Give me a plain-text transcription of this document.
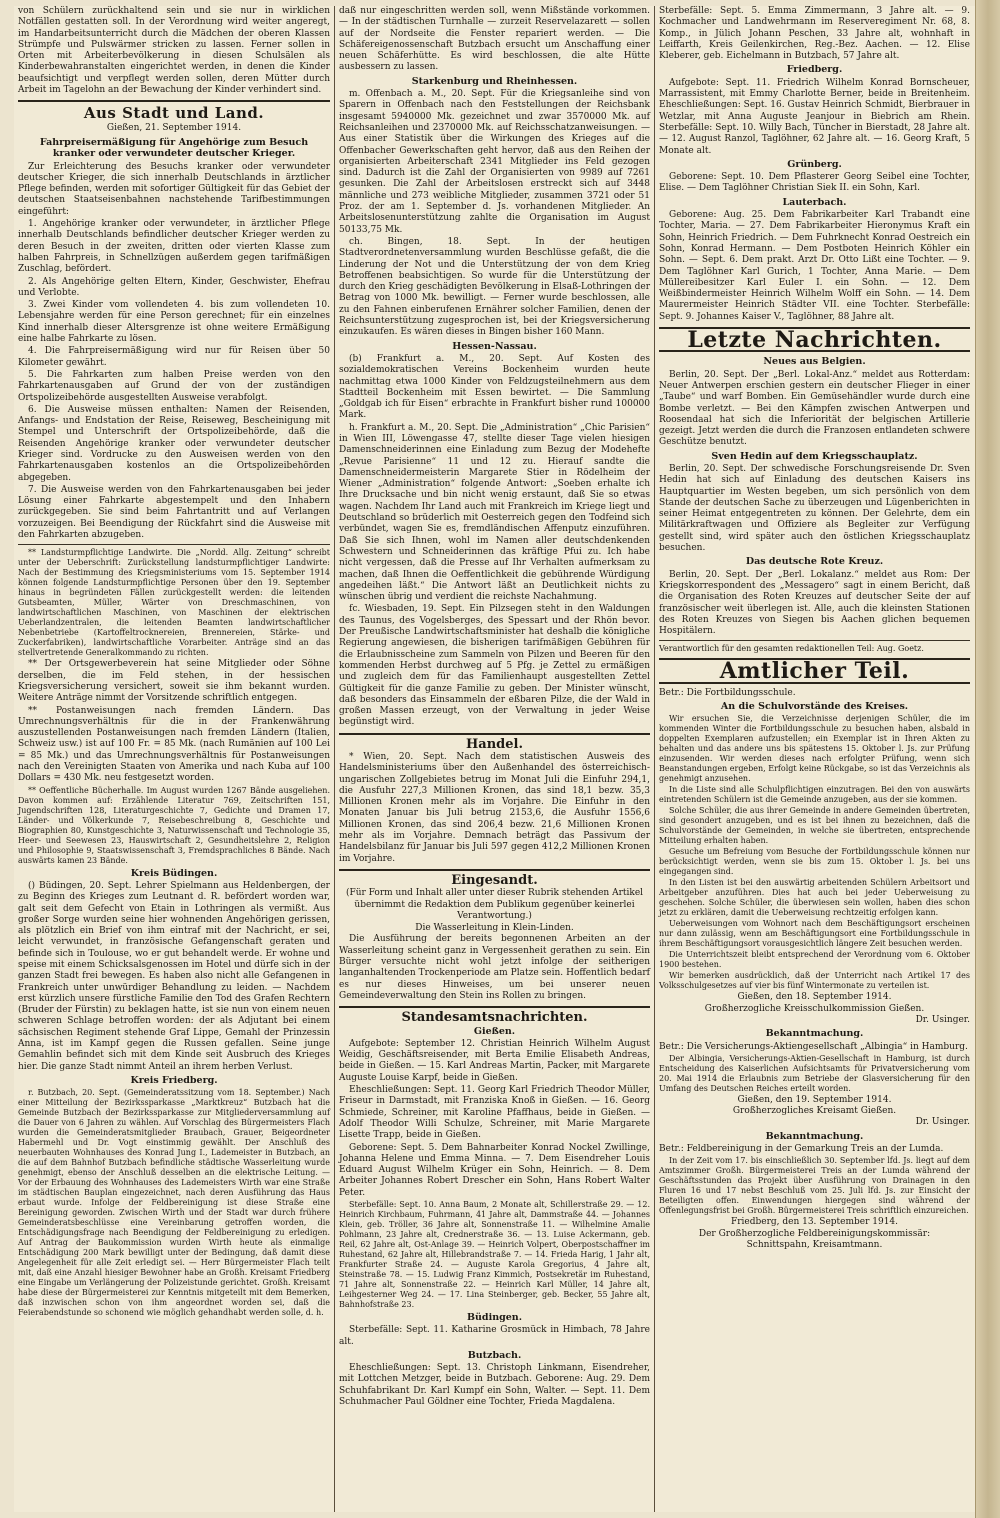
von Schülern zurückhaltend sein und sie nur in wirklichen Notfällen gestatten soll. In der Verordnung wird weiter angeregt, im Handarbeitsunterricht durch die Mädchen der oberen Klassen Strümpfe und Pulswärmer stricken zu lassen. Ferner sollen in Orten mit Arbeiterbevölkerung in diesen Schulsälen als Kinderbewahranstalten eingerichtet werden, in denen die Kinder beaufsichtigt und verpflegt werden sollen, deren Mütter durch Arbeit im Tagelohn an der Bewachung der Kinder verhindert sind.

Aus Stadt und Land.
Gießen, 21. September 1914.
Fahrpreisermäßigung für Angehörige zum Besuch kranker oder verwundeter deutscher Krieger.

Zur Erleichterung des Besuchs kranker oder verwundeter deutscher Krieger, die sich innerhalb Deutschlands in ärztlicher Pflege befinden, werden mit sofortiger Gültigkeit für das Gebiet der deutschen Staatseisenbahnen nachstehende Tarifbestimmungen eingeführt:

1. Angehörige kranker oder verwundeter, in ärztlicher Pflege innerhalb Deutschlands befindlicher deutscher Krieger werden zu deren Besuch in der zweiten, dritten oder vierten Klasse zum halben Fahrpreis, in Schnellzügen außerdem gegen tarifmäßigen Zuschlag, befördert.

2. Als Angehörige gelten Eltern, Kinder, Geschwister, Ehefrau und Verlobte.

3. Zwei Kinder vom vollendeten 4. bis zum vollendeten 10. Lebensjahre werden für eine Person gerechnet; für ein einzelnes Kind innerhalb dieser Altersgrenze ist ohne weitere Ermäßigung eine halbe Fahrkarte zu lösen.

4. Die Fahrpreisermäßigung wird nur für Reisen über 50 Kilometer gewährt.

5. Die Fahrkarten zum halben Preise werden von den Fahrkartenausgaben auf Grund der von der zuständigen Ortspolizeibehörde ausgestellten Ausweise verabfolgt.

6. Die Ausweise müssen enthalten: Namen der Reisenden, Anfangs- und Endstation der Reise, Reiseweg, Bescheinigung mit Stempel und Unterschrift der Ortspolizeibehörde, daß die Reisenden Angehörige kranker oder verwundeter deutscher Krieger sind. Vordrucke zu den Ausweisen werden von den Fahrkartenausgaben kostenlos an die Ortspolizeibehörden abgegeben.

7. Die Ausweise werden von den Fahrkartenausgaben bei jeder Lösung einer Fahrkarte abgestempelt und den Inhabern zurückgegeben. Sie sind beim Fahrtantritt und auf Verlangen vorzuzeigen. Bei Beendigung der Rückfahrt sind die Ausweise mit den Fahrkarten abzugeben.

** Landsturmpflichtige Landwirte. Die „Nordd. Allg. Zeitung“ schreibt unter der Ueberschrift: Zurückstellung landsturmpflichtiger Landwirte: Nach der Bestimmung des Kriegsministeriums vom 15. September 1914 können folgende Landsturmpflichtige Personen über den 19. September hinaus in begründeten Fällen zurückgestellt werden: die leitenden Gutsbeamten, Müller, Wärter von Dreschmaschinen, von landwirtschaftlichen Maschinen, von Maschinen der elektrischen Ueberlandzentralen, die leitenden Beamten landwirtschaftlicher Nebenbetriebe (Kartoffeltrocknereien, Brennereien, Stärke- und Zuckerfabriken), landwirtschaftliche Vorarbeiter. Anträge sind an das stellvertretende Generalkommando zu richten.

** Der Ortsgewerbeverein hat seine Mitglieder oder Söhne derselben, die im Feld stehen, in der hessischen Kriegsversicherung versichert, soweit sie ihm bekannt wurden. Weitere Anträge nimmt der Vorsitzende schriftlich entgegen.

** Postanweisungen nach fremden Ländern. Das Umrechnungsverhältnis für die in der Frankenwährung auszustellenden Postanweisungen nach fremden Ländern (Italien, Schweiz usw.) ist auf 100 Fr. = 85 Mk. (nach Rumänien auf 100 Lei = 85 Mk.) und das Umrechnungsverhältnis für Postanweisungen nach den Vereinigten Staaten von Amerika und nach Kuba auf 100 Dollars = 430 Mk. neu festgesetzt worden.

** Oeffentliche Bücherhalle. Im August wurden 1267 Bände ausgeliehen. Davon kommen auf: Erzählende Literatur 769, Zeitschriften 151, Jugendschriften 128, Literaturgeschichte 7, Gedichte und Dramen 17, Länder- und Völkerkunde 7, Reisebeschreibung 8, Geschichte und Biographien 80, Kunstgeschichte 3, Naturwissenschaft und Technologie 35, Heer- und Seewesen 23, Hauswirtschaft 2, Gesundheitslehre 2, Religion und Philosophie 9, Staatswissenschaft 3, Fremdsprachliches 8 Bände. Nach auswärts kamen 23 Bände.

Kreis Büdingen.

() Büdingen, 20. Sept. Lehrer Spielmann aus Heldenbergen, der zu Beginn des Krieges zum Leutnant d. R. befördert worden war, galt seit dem Gefecht von Etain in Lothringen als vermißt. Aus großer Sorge wurden seine hier wohnenden Angehörigen gerissen, als plötzlich ein Brief von ihm eintraf mit der Nachricht, er sei, leicht verwundet, in französische Gefangenschaft geraten und befinde sich in Toulouse, wo er gut behandelt werde. Er wohne und speise mit einem Schicksalsgenossen im Hotel und dürfe sich in der ganzen Stadt frei bewegen. Es haben also nicht alle Gefangenen in Frankreich unter unwürdiger Behandlung zu leiden. — Nachdem erst kürzlich unsere fürstliche Familie den Tod des Grafen Rechtern (Bruder der Fürstin) zu beklagen hatte, ist sie nun von einem neuen schweren Schlage betroffen worden: der als Adjutant bei einem sächsischen Regiment stehende Graf Lippe, Gemahl der Prinzessin Anna, ist im Kampf gegen die Russen gefallen. Seine junge Gemahlin befindet sich mit dem Kinde seit Ausbruch des Krieges hier. Die ganze Stadt nimmt Anteil an ihrem herben Verlust.

Kreis Friedberg.

r. Butzbach, 20. Sept. (Gemeinderatssitzung vom 18. September.) Nach einer Mitteilung der Bezirkssparkasse „Marktkreuz“ Butzbach hat die Gemeinde Butzbach der Bezirkssparkasse zur Mitgliederversammlung auf die Dauer von 6 Jahren zu wählen. Auf Vorschlag des Bürgermeisters Flach wurden die Gemeinderatsmitglieder Braubach, Grauer, Beigeordneter Habermehl und Dr. Vogt einstimmig gewählt. Der Anschluß des neuerbauten Wohnhauses des Konrad Jung I., Lademeister in Butzbach, an die auf dem Bahnhof Butzbach befindliche städtische Wasserleitung wurde genehmigt, ebenso der Anschluß desselben an die elektrische Leitung. — Vor der Erbauung des Wohnhauses des Lademeisters Wirth war eine Straße im städtischen Bauplan eingezeichnet, nach deren Ausführung das Haus erbaut wurde. Infolge der Feldbereinigung ist diese Straße eine Bereinigung geworden. Zwischen Wirth und der Stadt war durch frühere Gemeinderatsbeschlüsse eine Vereinbarung getroffen worden, die Entschädigungsfrage nach Beendigung der Feldbereinigung zu erledigen. Auf Antrag der Baukommission wurden Wirth heute als einmalige Entschädigung 200 Mark bewilligt unter der Bedingung, daß damit diese Angelegenheit für alle Zeit erledigt sei. — Herr Bürgermeister Flach teilt mit, daß eine Anzahl hiesiger Bewohner habe an Großh. Kreisamt Friedberg eine Eingabe um Verlängerung der Polizeistunde gerichtet. Großh. Kreisamt habe diese der Bürgermeisterei zur Kenntnis mitgeteilt mit dem Bemerken, daß inzwischen schon von ihm angeordnet worden sei, daß die Feierabendstunde so schonend wie möglich gehandhabt werden solle, d. h.

daß nur eingeschritten werden soll, wenn Mißstände vorkommen. — In der städtischen Turnhalle — zurzeit Reservelazarett — sollen auf der Nordseite die Fenster repariert werden. — Die Schäfereigenossenschaft Butzbach ersucht um Anschaffung einer neuen Schäferhütte. Es wird beschlossen, die alte Hütte ausbessern zu lassen.

Starkenburg und Rheinhessen.

m. Offenbach a. M., 20. Sept. Für die Kriegsanleihe sind von Sparern in Offenbach nach den Feststellungen der Reichsbank insgesamt 5940000 Mk. gezeichnet und zwar 3570000 Mk. auf Reichsanleihen und 2370000 Mk. auf Reichsschatzanweisungen. — Aus einer Statistik über die Wirkungen des Krieges auf die Offenbacher Gewerkschaften geht hervor, daß aus den Reihen der organisierten Arbeiterschaft 2341 Mitglieder ins Feld gezogen sind. Dadurch ist die Zahl der Organisierten von 9989 auf 7261 gesunken. Die Zahl der Arbeitslosen erstreckt sich auf 3448 männliche und 273 weibliche Mitglieder, zusammen 3721 oder 51 Proz. der am 1. September d. Js. vorhandenen Mitglieder. An Arbeitslosenunterstützung zahlte die Organisation im August 50133,75 Mk.

ch. Bingen, 18. Sept. In der heutigen Stadtverordnetenversammlung wurden Beschlüsse gefaßt, die die Linderung der Not und die Unterstützung der von dem Krieg Betroffenen beabsichtigen. So wurde für die Unterstützung der durch den Krieg geschädigten Bevölkerung in Elsaß-Lothringen der Betrag von 1000 Mk. bewilligt. — Ferner wurde beschlossen, alle zu den Fahnen einberufenen Ernährer solcher Familien, denen der Reichsunterstützung zugesprochen ist, bei der Kriegsversicherung einzukaufen. Es wären dieses in Bingen bisher 160 Mann.

Hessen-Nassau.

(b) Frankfurt a. M., 20. Sept. Auf Kosten des sozialdemokratischen Vereins Bockenheim wurden heute nachmittag etwa 1000 Kinder von Feldzugsteilnehmern aus dem Stadtteil Bockenheim mit Essen bewirtet. — Die Sammlung „Goldgab ich für Eisen“ erbrachte in Frankfurt bisher rund 100000 Mark.

h. Frankfurt a. M., 20. Sept. Die „Administration“ „Chic Parisien“ in Wien III, Löwengasse 47, stellte dieser Tage vielen hiesigen Damenschneiderinnen eine Einladung zum Bezug der Modehefte „Revue Parisienne“ 11 und 12 zu. Hierauf sandte die Damenschneidermeisterin Margarete Stier in Rödelheim der Wiener „Administration“ folgende Antwort: „Soeben erhalte ich Ihre Drucksache und bin nicht wenig erstaunt, daß Sie so etwas wagen. Nachdem Ihr Land auch mit Frankreich im Kriege liegt und Deutschland so brüderlich mit Oesterreich gegen den Todfeind sich verbündet, wagen Sie es, fremdländischen Affenputz einzuführen. Daß Sie sich Ihnen, wohl im Namen aller deutschdenkenden Schwestern und Schneiderinnen das kräftige Pfui zu. Ich habe nicht vergessen, daß die Presse auf Ihr Verhalten aufmerksam zu machen, daß Ihnen die Oeffentlichkeit die gebührende Würdigung angedeihen läßt.“ Die Antwort läßt an Deutlichkeit nichts zu wünschen übrig und verdient die reichste Nachahmung.

fc. Wiesbaden, 19. Sept. Ein Pilzsegen steht in den Waldungen des Taunus, des Vogelsberges, des Spessart und der Rhön bevor. Der Preußische Landwirtschaftsminister hat deshalb die königliche Regierung angewiesen, die bisherigen tarifmäßigen Gebühren für die Erlaubnisscheine zum Sammeln von Pilzen und Beeren für den kommenden Herbst durchweg auf 5 Pfg. je Zettel zu ermäßigen und zugleich dem für das Familienhaupt ausgestellten Zettel Gültigkeit für die ganze Familie zu geben. Der Minister wünscht, daß besonders das Einsammeln der eßbaren Pilze, die der Wald in großen Massen erzeugt, von der Verwaltung in jeder Weise begünstigt wird.

Handel.

* Wien, 20. Sept. Nach dem statistischen Ausweis des Handelsministeriums über den Außenhandel des österreichisch-ungarischen Zollgebietes betrug im Monat Juli die Einfuhr 294,1, die Ausfuhr 227,3 Millionen Kronen, das sind 18,1 bezw. 35,3 Millionen Kronen mehr als im Vorjahre. Die Einfuhr in den Monaten Januar bis Juli betrug 2153,6, die Ausfuhr 1556,6 Millionen Kronen, das sind 206,4 bezw. 21,6 Millionen Kronen mehr als im Vorjahre. Demnach beträgt das Passivum der Handelsbilanz für Januar bis Juli 597 gegen 412,2 Millionen Kronen im Vorjahre.

Eingesandt.

(Für Form und Inhalt aller unter dieser Rubrik stehenden Artikel übernimmt die Redaktion dem Publikum gegenüber keinerlei Verantwortung.)

Die Wasserleitung in Klein-Linden.

Die Ausführung der bereits begonnenen Arbeiten an der Wasserleitung scheint ganz in Vergessenheit gerathen zu sein. Ein Bürger versuchte nicht wohl jetzt infolge der seitherigen langanhaltenden Trockenperiode am Platze sein. Hoffentlich bedarf es nur dieses Hinweises, um bei unserer neuen Gemeindeverwaltung den Stein ins Rollen zu bringen.

Standesamtsnachrichten.
Gießen.

Aufgebote: September 12. Christian Heinrich Wilhelm August Weidig, Geschäftsreisender, mit Berta Emilie Elisabeth Andreas, beide in Gießen. — 15. Karl Andreas Martin, Packer, mit Margarete Auguste Louise Karpf, beide in Gießen.

Eheschließungen: Sept. 11. Georg Karl Friedrich Theodor Müller, Friseur in Darmstadt, mit Franziska Knoß in Gießen. — 16. Georg Schmiede, Schreiner, mit Karoline Pfaffhaus, beide in Gießen. — Adolf Theodor Willi Schulze, Schreiner, mit Marie Margarete Lisette Trapp, beide in Gießen.

Geborene: Sept. 5. Dem Bahnarbeiter Konrad Nockel Zwillinge, Johanna Helene und Emma Minna. — 7. Dem Eisendreher Louis Eduard August Wilhelm Krüger ein Sohn, Heinrich. — 8. Dem Arbeiter Johannes Robert Drescher ein Sohn, Hans Robert Walter Peter.

Sterbefälle: Sept. 10. Anna Baum, 2 Monate alt, Schillerstraße 29. — 12. Heinrich Kirchbaum, Fuhrmann, 41 Jahre alt, Dammstraße 44. — Johannes Klein, geb. Tröller, 36 Jahre alt, Sonnenstraße 11. — Wilhelmine Amalie Pohlmann, 23 Jahre alt, Crednerstraße 36. — 13. Luise Ackermann, geb. Reil, 62 Jahre alt, Ost-Anlage 39. — Heinrich Volpert, Oberpostschaffner im Ruhestand, 62 Jahre alt, Hillebrandstraße 7. — 14. Frieda Harig, 1 Jahr alt, Frankfurter Straße 24. — Auguste Karola Gregorius, 4 Jahre alt, Steinstraße 78. — 15. Ludwig Franz Kimmich, Postsekretär im Ruhestand, 71 Jahre alt, Sonnenstraße 22. — Heinrich Karl Müller, 14 Jahre alt, Leihgesterner Weg 24. — 17. Lina Steinberger, geb. Becker, 55 Jahre alt, Bahnhofstraße 23.

Büdingen.

Sterbefälle: Sept. 11. Katharine Grosmück in Himbach, 78 Jahre alt.

Butzbach.

Eheschließungen: Sept. 13. Christoph Linkmann, Eisendreher, mit Lottchen Metzger, beide in Butzbach. Geborene: Aug. 29. Dem Schuhfabrikant Dr. Karl Kumpf ein Sohn, Walter. — Sept. 11. Dem Schuhmacher Paul Göldner eine Tochter, Frieda Magdalena.

Sterbefälle: Sept. 5. Emma Zimmermann, 3 Jahre alt. — 9. Kochmacher und Landwehrmann im Reserveregiment Nr. 68, 8. Komp., in Jülich Johann Peschen, 33 Jahre alt, wohnhaft in Leiffarth, Kreis Geilenkirchen, Reg.-Bez. Aachen. — 12. Elise Kleberer, geb. Eichelmann in Butzbach, 57 Jahre alt.

Friedberg.

Aufgebote: Sept. 11. Friedrich Wilhelm Konrad Bornscheuer, Marrassistent, mit Emmy Charlotte Berner, beide in Breitenheim. Eheschließungen: Sept. 16. Gustav Heinrich Schmidt, Bierbrauer in Wetzlar, mit Anna Auguste Jeanjour in Biebrich am Rhein. Sterbefälle: Sept. 10. Willy Bach, Tüncher in Bierstadt, 28 Jahre alt. — 12. August Ranzol, Taglöhner, 62 Jahre alt. — 16. Georg Kraft, 5 Monate alt.

Grünberg.

Geborene: Sept. 10. Dem Pflasterer Georg Seibel eine Tochter, Elise. — Dem Taglöhner Christian Siek II. ein Sohn, Karl.

Lauterbach.

Geborene: Aug. 25. Dem Fabrikarbeiter Karl Trabandt eine Tochter, Maria. — 27. Dem Fabrikarbeiter Hieronymus Kraft ein Sohn, Heinrich Friedrich. — Dem Fuhrknecht Konrad Oestreich ein Sohn, Konrad Hermann. — Dem Postboten Heinrich Köhler ein Sohn. — Sept. 6. Dem prakt. Arzt Dr. Otto Lißt eine Tochter. — 9. Dem Taglöhner Karl Gurich, 1 Tochter, Anna Marie. — Dem Müllereibesitzer Karl Euler I. ein Sohn. — 12. Dem Weißbindermeister Heinrich Wilhelm Wolff ein Sohn. — 14. Dem Maurermeister Heinrich Städter VII. eine Tochter. Sterbefälle: Sept. 9. Johannes Kaiser V., Taglöhner, 88 Jahre alt.

Letzte Nachrichten.
Neues aus Belgien.

Berlin, 20. Sept. Der „Berl. Lokal-Anz.“ meldet aus Rotterdam: Neuer Antwerpen erschien gestern ein deutscher Flieger in einer „Taube“ und warf Bomben. Ein Gemüsehändler wurde durch eine Bombe verletzt. — Bei den Kämpfen zwischen Antwerpen und Roosendaal hat sich die Inferiorität der belgischen Artillerie gezeigt. Jetzt werden die durch die Franzosen entlandeten schwere Geschütze benutzt.

Sven Hedin auf dem Kriegsschauplatz.

Berlin, 20. Sept. Der schwedische Forschungsreisende Dr. Sven Hedin hat sich auf Einladung des deutschen Kaisers ins Hauptquartier im Westen begeben, um sich persönlich von dem Stande der deutschen Sache zu überzeugen und Lügenberichten in seiner Heimat entgegentreten zu können. Der Gelehrte, dem ein Militärkraftwagen und Offiziere als Begleiter zur Verfügung gestellt sind, wird später auch den östlichen Kriegsschauplatz besuchen.

Das deutsche Rote Kreuz.

Berlin, 20. Sept. Der „Berl. Lokalanz.“ meldet aus Rom: Der Kriegskorrespondent des „Messagero“ sagt in einem Bericht, daß die Organisation des Roten Kreuzes auf deutscher Seite der auf französischer weit überlegen ist. Alle, auch die kleinsten Stationen des Roten Kreuzes von Siegen bis Aachen glichen bequemen Hospitälern.

Verantwortlich für den gesamten redaktionellen Teil: Aug. Goetz.

Amtlicher Teil.

Betr.: Die Fortbildungsschule.

An die Schulvorstände des Kreises.

Wir ersuchen Sie, die Verzeichnisse derjenigen Schüler, die im kommenden Winter die Fortbildungsschule zu besuchen haben, alsbald in doppelten Exemplaren aufzustellen; ein Exemplar ist in Ihren Akten zu behalten und das andere uns bis spätestens 15. Oktober l. Js. zur Prüfung einzusenden. Wir werden dieses nach erfolgter Prüfung, wenn sich Beanstandungen ergeben, Erfolgt keine Rückgabe, so ist das Verzeichnis als genehmigt anzusehen.

In die Liste sind alle Schulpflichtigen einzutragen. Bei den von auswärts eintretenden Schülern ist die Gemeinde anzugeben, aus der sie kommen.

Solche Schüler, die aus ihrer Gemeinde in andere Gemeinden übertreten, sind gesondert anzugeben, und es ist bei ihnen zu bezeichnen, daß die Schulvorstände der Gemeinden, in welche sie übertreten, entsprechende Mitteilung erhalten haben.

Gesuche um Befreiung vom Besuche der Fortbildungsschule können nur berücksichtigt werden, wenn sie bis zum 15. Oktober l. Js. bei uns eingegangen sind.

In den Listen ist bei den auswärtig arbeitenden Schülern Arbeitsort und Arbeitgeber anzuführen. Dies hat auch bei jeder Ueberweisung zu geschehen. Solche Schüler, die überwiesen sein wollen, haben dies schon jetzt zu erklären, damit die Ueberweisung rechtzeitig erfolgen kann.

Ueberweisungen vom Wohnort nach dem Beschäftigungsort erscheinen nur dann zulässig, wenn am Beschäftigungsort eine Fortbildungsschule in ihrem Beschäftigungsort vorausgesichtlich längere Zeit besuchen werden.

Die Unterrichtszeit bleibt entsprechend der Verordnung vom 6. Oktober 1900 bestehen.

Wir bemerken ausdrücklich, daß der Unterricht nach Artikel 17 des Volksschulgesetzes auf vier bis fünf Wintermonate zu verteilen ist.

Gießen, den 18. September 1914.
Großherzogliche Kreisschulkommission Gießen.
Dr. Usinger.
Bekanntmachung.

Betr.: Die Versicherungs-Aktiengesellschaft „Albingia“ in Hamburg.

Der Albingia, Versicherungs-Aktien-Gesellschaft in Hamburg, ist durch Entscheidung des Kaiserlichen Aufsichtsamts für Privatversicherung vom 20. Mai 1914 die Erlaubnis zum Betriebe der Glasversicherung für den Umfang des Deutschen Reiches erteilt worden.

Gießen, den 19. September 1914.
Großherzogliches Kreisamt Gießen.
Dr. Usinger.
Bekanntmachung.

Betr.: Feldbereinigung in der Gemarkung Treis an der Lumda.

In der Zeit vom 17. bis einschließlich 30. September lfd. Js. liegt auf dem Amtszimmer Großh. Bürgermeisterei Treis an der Lumda während der Geschäftsstunden das Projekt über Ausführung von Drainagen in den Fluren 16 und 17 nebst Beschluß vom 25. Juli lfd. Js. zur Einsicht der Beteiligten offen. Einwendungen hiergegen sind während der Offenlegungsfrist bei Großh. Bürgermeisterei Treis schriftlich einzureichen.

Friedberg, den 13. September 1914.
Der Großherzogliche Feldbereinigungskommissär:
Schnittspahn, Kreisamtmann.
